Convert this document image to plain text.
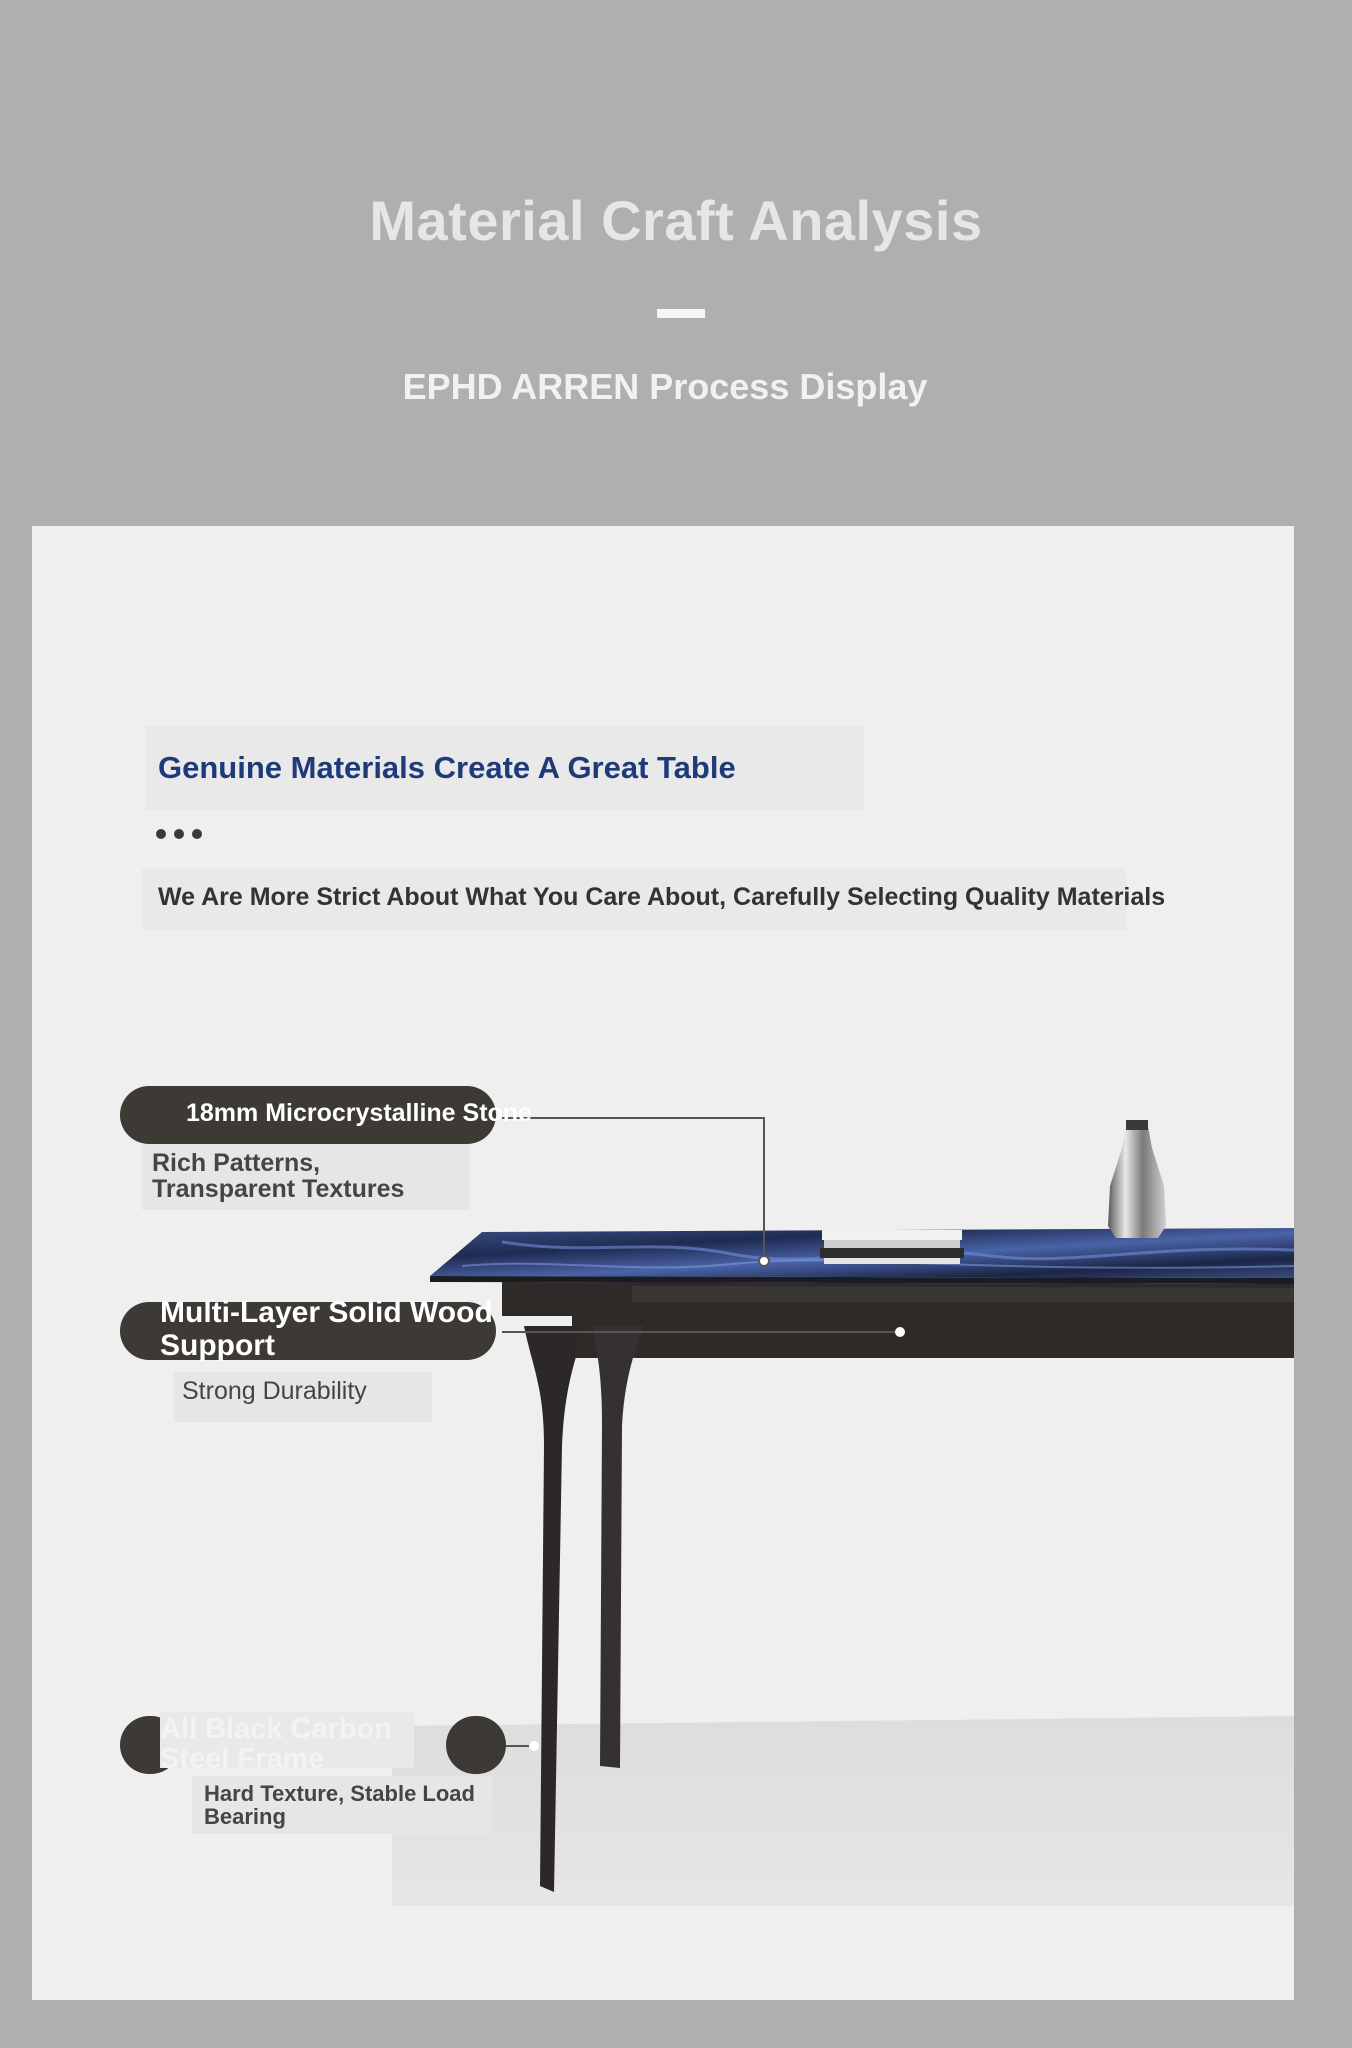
Material Craft Analysis
EPHD ARREN Process Display
Genuine Materials Create A Great Table
We Are More Strict About What You Care About, Carefully Selecting Quality Materials
18mm Microcrystalline Stone
Rich Patterns, Transparent Textures
Multi-Layer Solid Wood Support
Strong Durability
All Black Carbon Steel Frame
Hard Texture, Stable Load Bearing
